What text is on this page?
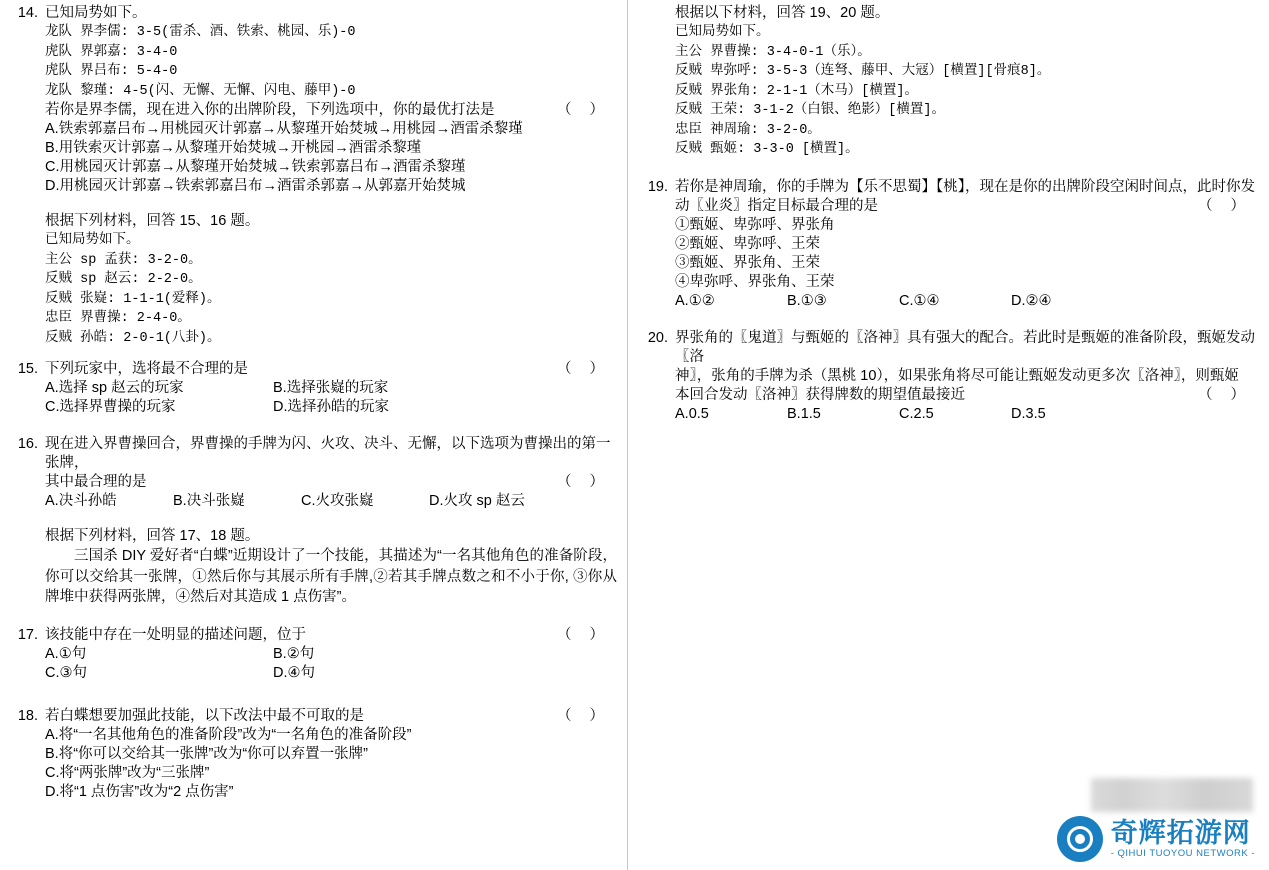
14. 已知局势如下。
龙队 界李儒: 3-5(雷杀、酒、铁索、桃园、乐)-0
虎队 界郭嘉: 3-4-0
虎队 界吕布: 5-4-0
龙队 黎瑾: 4-5(闪、无懈、无懈、闪电、藤甲)-0
若你是界李儒，现在进入你的出牌阶段，下列选项中，你的最优打法是	（ ）
A.铁索郭嘉吕布→用桃园灭计郭嘉→从黎瑾开始焚城→用桃园→酒雷杀黎瑾
B.用铁索灭计郭嘉→从黎瑾开始焚城→开桃园→酒雷杀黎瑾
C.用桃园灭计郭嘉→从黎瑾开始焚城→铁索郭嘉吕布→酒雷杀黎瑾
D.用桃园灭计郭嘉→铁索郭嘉吕布→酒雷杀郭嘉→从郭嘉开始焚城
根据下列材料，回答 15、16 题。
已知局势如下。
主公 sp 孟获: 3-2-0。
反贼 sp 赵云: 2-2-0。
反贼 张嶷: 1-1-1(爱释)。
忠臣 界曹操: 2-4-0。
反贼 孙皓: 2-0-1(八卦)。
15. 下列玩家中，选将最不合理的是	（ ）
A.选择 sp 赵云的玩家	B.选择张嶷的玩家
C.选择界曹操的玩家	D.选择孙皓的玩家
16. 现在进入界曹操回合，界曹操的手牌为闪、火攻、决斗、无懈，以下选项为曹操出的第一张牌，
其中最合理的是	（ ）
A.决斗孙皓	B.决斗张嶷	C.火攻张嶷	D.火攻 sp 赵云
根据下列材料，回答 17、18 题。
三国杀 DIY 爱好者“白蝶”近期设计了一个技能，其描述为“一名其他角色的准备阶段，你可以交给其一张牌，①然后你与其展示所有手牌,②若其手牌点数之和不小于你, ③你从牌堆中获得两张牌，④然后对其造成 1 点伤害”。
17. 该技能中存在一处明显的描述问题，位于	（ ）
A.①句	B.②句
C.③句	D.④句
18. 若白蝶想要加强此技能，以下改法中最不可取的是	（ ）
A.将“一名其他角色的准备阶段”改为“一名角色的准备阶段”
B.将“你可以交给其一张牌”改为“你可以弃置一张牌”
C.将“两张牌”改为“三张牌”
D.将“1 点伤害”改为“2 点伤害”
根据以下材料，回答 19、20 题。
已知局势如下。
主公 界曹操: 3-4-0-1（乐）。
反贼 卑弥呼: 3-5-3（连弩、藤甲、大冦）[横置][骨痕8]。
反贼 界张角: 2-1-1（木马）[横置]。
反贼 王荣: 3-1-2（白银、绝影）[横置]。
忠臣 神周瑜: 3-2-0。
反贼 甄姬: 3-3-0 [横置]。
19. 若你是神周瑜，你的手牌为【乐不思蜀】【桃】，现在是你的出牌阶段空闲时间点，此时你发
动〖业炎〗指定目标最合理的是	（ ）
①甄姬、卑弥呼、界张角
②甄姬、卑弥呼、王荣
③甄姬、界张角、王荣
④卑弥呼、界张角、王荣
A.①②	B.①③	C.①④	D.②④
20. 界张角的〖鬼道〗与甄姬的〖洛神〗具有强大的配合。若此时是甄姬的准备阶段，甄姬发动〖洛
神〗，张角的手牌为杀（黑桃 10），如果张角将尽可能让甄姬发动更多次〖洛神〗，则甄姬
本回合发动〖洛神〗获得牌数的期望值最接近	（ ）
A.0.5	B.1.5	C.2.5	D.3.5
奇辉拓游网
- QIHUI TUOYOU NETWORK -
